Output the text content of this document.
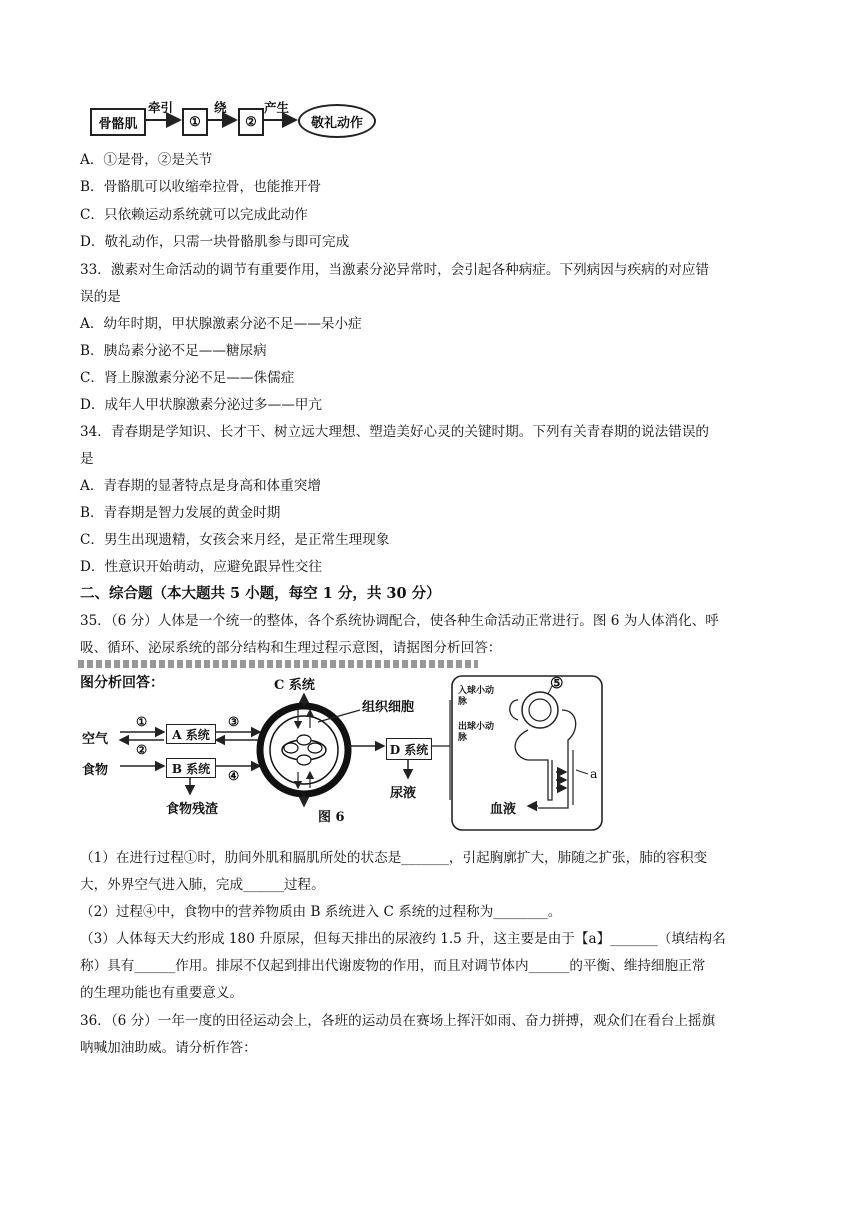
骨骼肌
牵引
①
绕
②
产生
敬礼动作
A．①是骨，②是关节
B．骨骼肌可以收缩牵拉骨，也能推开骨
C．只依赖运动系统就可以完成此动作
D．敬礼动作，只需一块骨骼肌参与即可完成
33．激素对生命活动的调节有重要作用，当激素分泌异常时，会引起各种病症。下列病因与疾病的对应错
误的是
A．幼年时期，甲状腺激素分泌不足——呆小症
B．胰岛素分泌不足——糖尿病
C．肾上腺激素分泌不足——侏儒症
D．成年人甲状腺激素分泌过多——甲亢
34．青春期是学知识、长才干、树立远大理想、塑造美好心灵的关键时期。下列有关青春期的说法错误的
是
A．青春期的显著特点是身高和体重突增
B．青春期是智力发展的黄金时期
C．男生出现遗精，女孩会来月经，是正常生理现象
D．性意识开始萌动，应避免跟异性交往
二、综合题（本大题共 5 小题，每空 1 分，共 30 分）
35．（6 分）人体是一个统一的整体，各个系统协调配合，使各种生命活动正常进行。图 6 为人体消化、呼
吸、循环、泌尿系统的部分结构和生理过程示意图，请据图分析回答：
图分析回答：	C 系统
组织细胞
空气
食物
①
②
③
④
A 系统
B 系统
D 系统
食物残渣
图 6
尿液
入球小动脉
出球小动脉
⑤
a
血液
（1）在进行过程①时，肋间外肌和膈肌所处的状态是_______，引起胸廓扩大，肺随之扩张，肺的容积变
大，外界空气进入肺，完成______过程。
（2）过程④中，食物中的营养物质由 B 系统进入 C 系统的过程称为________。
（3）人体每天大约形成 180 升原尿，但每天排出的尿液约 1.5 升，这主要是由于【a】_______（填结构名
称）具有______作用。排尿不仅起到排出代谢废物的作用，而且对调节体内______的平衡、维持细胞正常
的生理功能也有重要意义。
36．（6 分）一年一度的田径运动会上，各班的运动员在赛场上挥汗如雨、奋力拼搏，观众们在看台上摇旗
呐喊加油助威。请分析作答：
